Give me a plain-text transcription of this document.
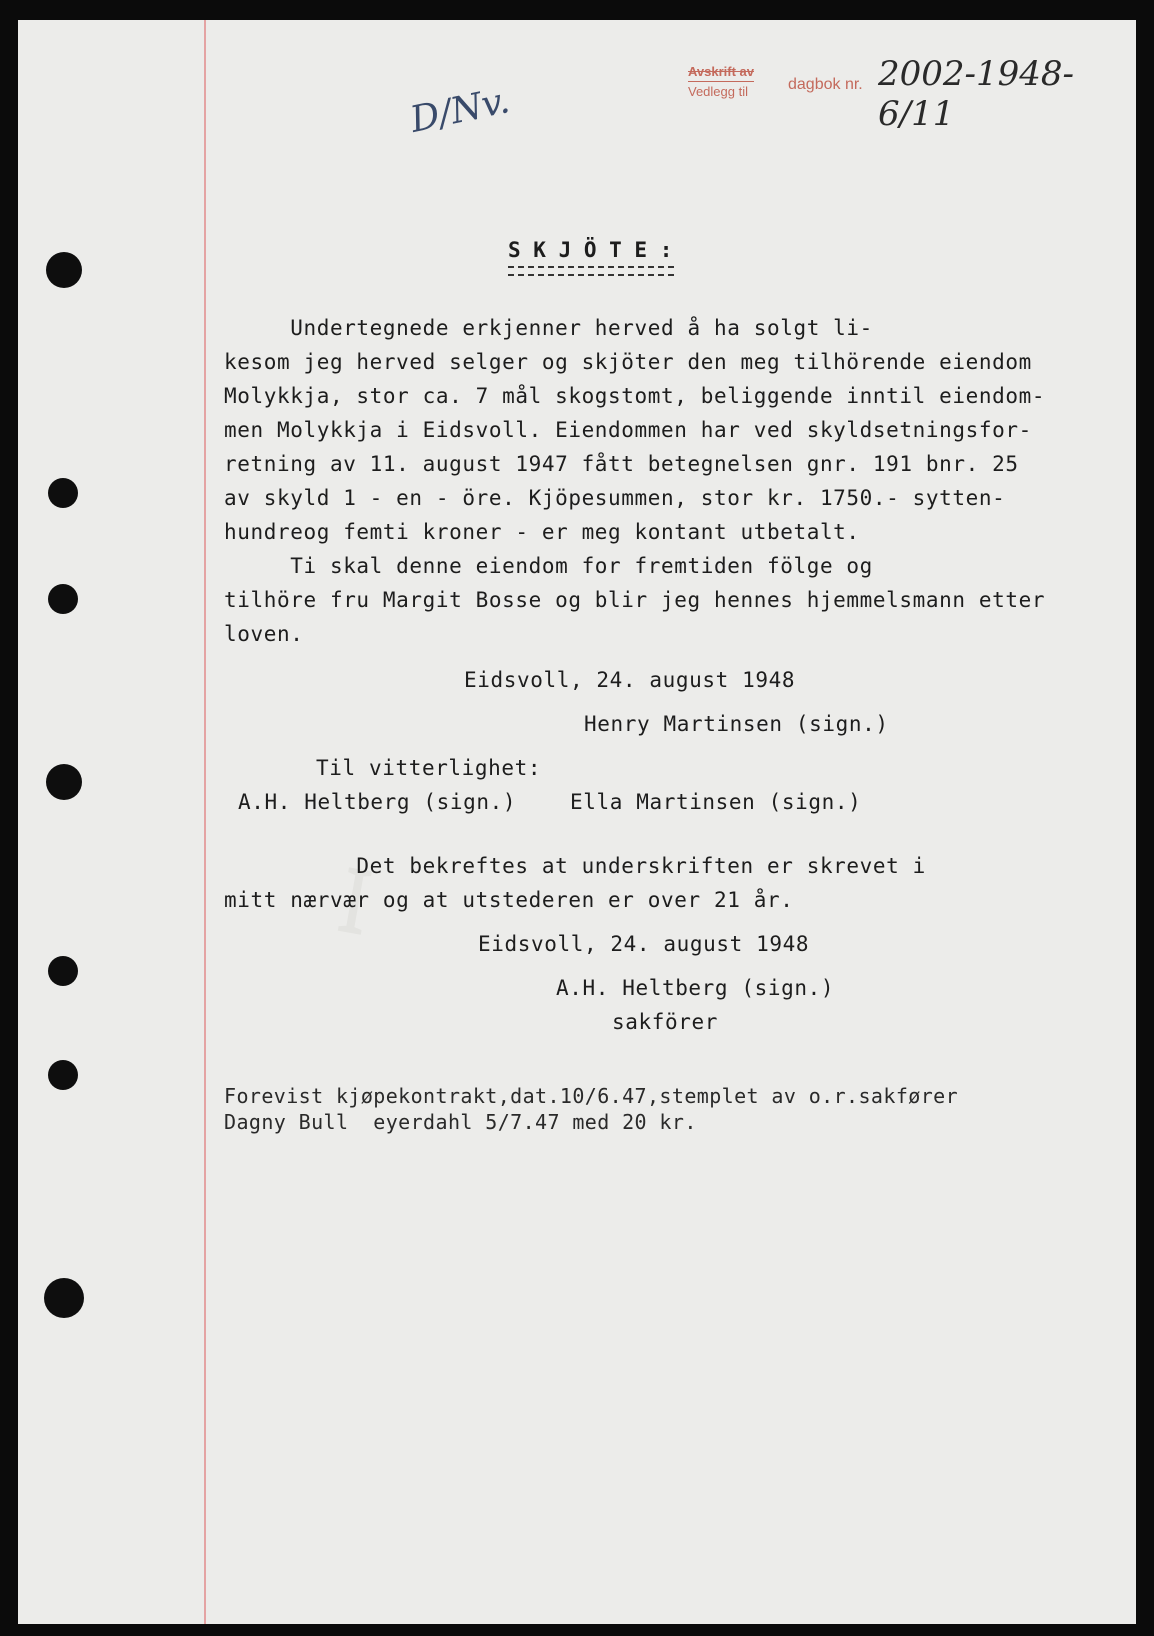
ꟷ
Avskrift av
Vedlegg til	dagbok nr. 2002-1948-6/11
D/Nv.
S K J Ö T E :
Undertegnede erkjenner herved å ha solgt li-
kesom jeg herved selger og skjöter den meg tilhörende eiendom
Molykkja, stor ca. 7 mål skogstomt, beliggende inntil eiendom-
men Molykkja i Eidsvoll. Eiendommen har ved skyldsetningsfor-
retning av 11. august 1947 fått betegnelsen gnr. 191 bnr. 25
av skyld 1 - en - öre. Kjöpesummen, stor kr. 1750.- sytten-
hundreog femti kroner - er meg kontant utbetalt.
Ti skal denne eiendom for fremtiden fölge og
tilhöre fru Margit Bosse og blir jeg hennes hjemmelsmann etter
loven.
Eidsvoll, 24. august 1948
Henry Martinsen (sign.)
Til vitterlighet:
A.H. Heltberg (sign.)	Ella Martinsen (sign.)
Det bekreftes at underskriften er skrevet i
mitt nærvær og at utstederen er over 21 år.
Eidsvoll, 24. august 1948
A.H. Heltberg (sign.)
sakförer
Forevist kjøpekontrakt,dat.10/6.47,stemplet av o.r.sakfører
Dagny Bull  eyerdahl 5/7.47 med 20 kr.
